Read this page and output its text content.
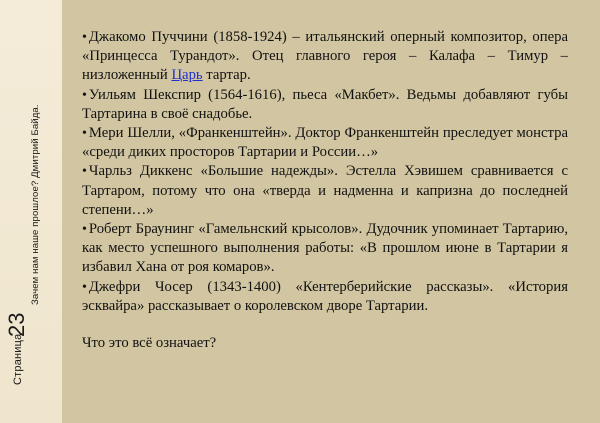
Страница
23
Зачем нам наше прошлое? Дмитрий Байда.

• Джакомо Пуччини (1858-1924) – итальянский оперный композитор, опера «Принцесса Турандот». Отец главного героя – Калафа – Тимур – низложенный Царь тартар.

• Уильям Шекспир (1564-1616), пьеса «Макбет». Ведьмы добавляют губы Тартарина в своё снадобье.

• Мери Шелли, «Франкенштейн». Доктор Франкенштейн преследует монстра «среди диких просторов Тартарии и России…»

• Чарльз Диккенс «Большие надежды». Эстелла Хэвишем сравнивается с Тартаром, потому что она «тверда и надменна и капризна до последней степени…»

• Роберт Браунинг «Гамельнский крысолов». Дудочник упоминает Тартарию, как место успешного выполнения работы: «В прошлом июне в Тартарии я избавил Хана от роя комаров».

• Джефри Чосер (1343-1400) «Кентерберийские рассказы». «История эсквайра» рассказывает о королевском дворе Тартарии.

Что это всё означает?
